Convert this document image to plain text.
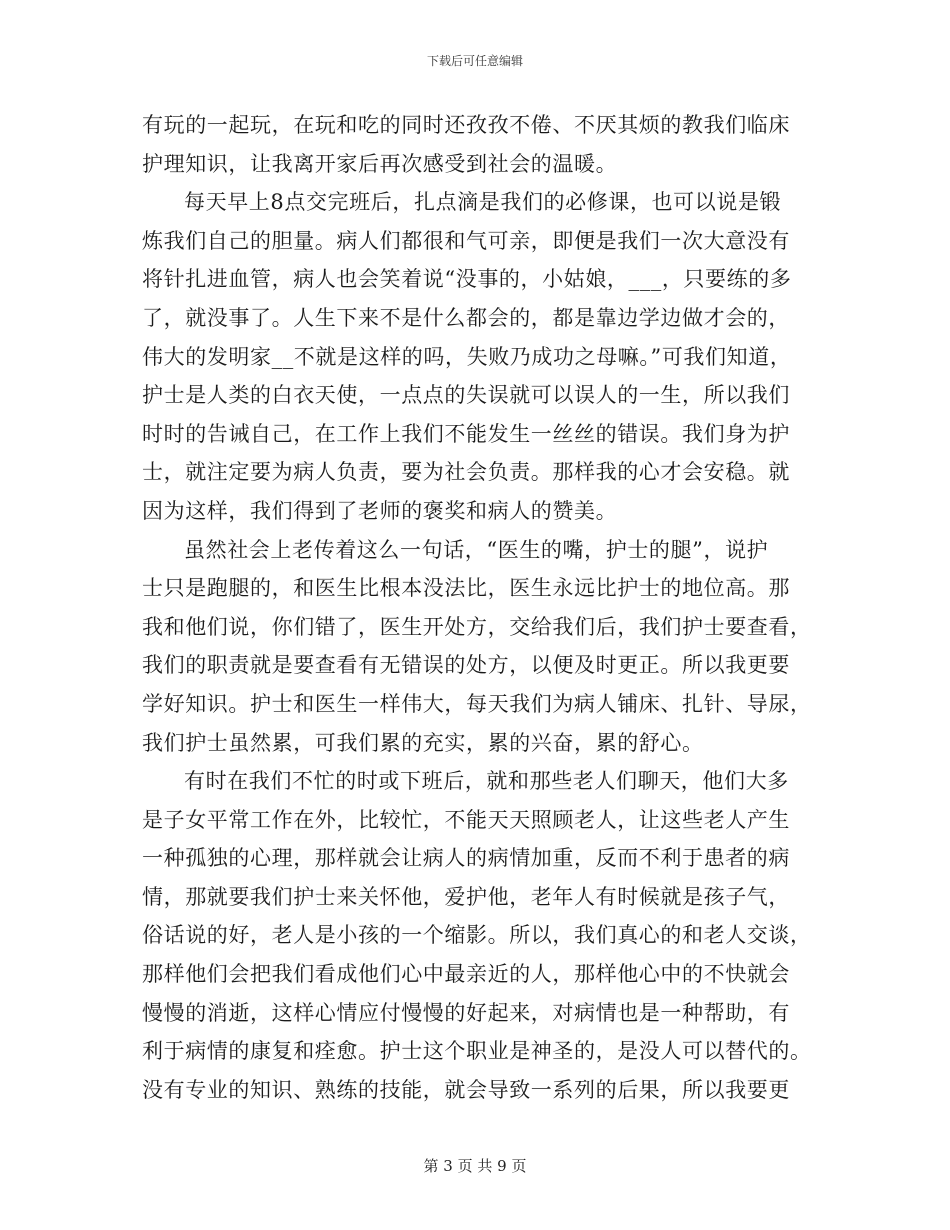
下载后可任意编辑
有玩的一起玩，在玩和吃的同时还孜孜不倦、不厌其烦的教我们临床
护理知识，让我离开家后再次感受到社会的温暖。
每天早上8点交完班后，扎点滴是我们的必修课，也可以说是锻
炼我们自己的胆量。病人们都很和气可亲，即便是我们一次大意没有
将针扎进血管，病人也会笑着说“没事的，小姑娘，___，只要练的多
了，就没事了。人生下来不是什么都会的，都是靠边学边做才会的，
伟大的发明家__不就是这样的吗，失败乃成功之母嘛。”可我们知道，
护士是人类的白衣天使，一点点的失误就可以误人的一生，所以我们
时时的告诫自己，在工作上我们不能发生一丝丝的错误。我们身为护
士，就注定要为病人负责，要为社会负责。那样我的心才会安稳。就
因为这样，我们得到了老师的褒奖和病人的赞美。
虽然社会上老传着这么一句话，“医生的嘴，护士的腿”，说护
士只是跑腿的，和医生比根本没法比，医生永远比护士的地位高。那
我和他们说，你们错了，医生开处方，交给我们后，我们护士要查看，
我们的职责就是要查看有无错误的处方，以便及时更正。所以我更要
学好知识。护士和医生一样伟大，每天我们为病人铺床、扎针、导尿，
我们护士虽然累，可我们累的充实，累的兴奋，累的舒心。
有时在我们不忙的时或下班后，就和那些老人们聊天，他们大多
是子女平常工作在外，比较忙，不能天天照顾老人，让这些老人产生
一种孤独的心理，那样就会让病人的病情加重，反而不利于患者的病
情，那就要我们护士来关怀他，爱护他，老年人有时候就是孩子气，
俗话说的好，老人是小孩的一个缩影。所以，我们真心的和老人交谈，
那样他们会把我们看成他们心中最亲近的人，那样他心中的不快就会
慢慢的消逝，这样心情应付慢慢的好起来，对病情也是一种帮助，有
利于病情的康复和痊愈。护士这个职业是神圣的，是没人可以替代的。
没有专业的知识、熟练的技能，就会导致一系列的后果，所以我要更
第 3 页 共 9 页
